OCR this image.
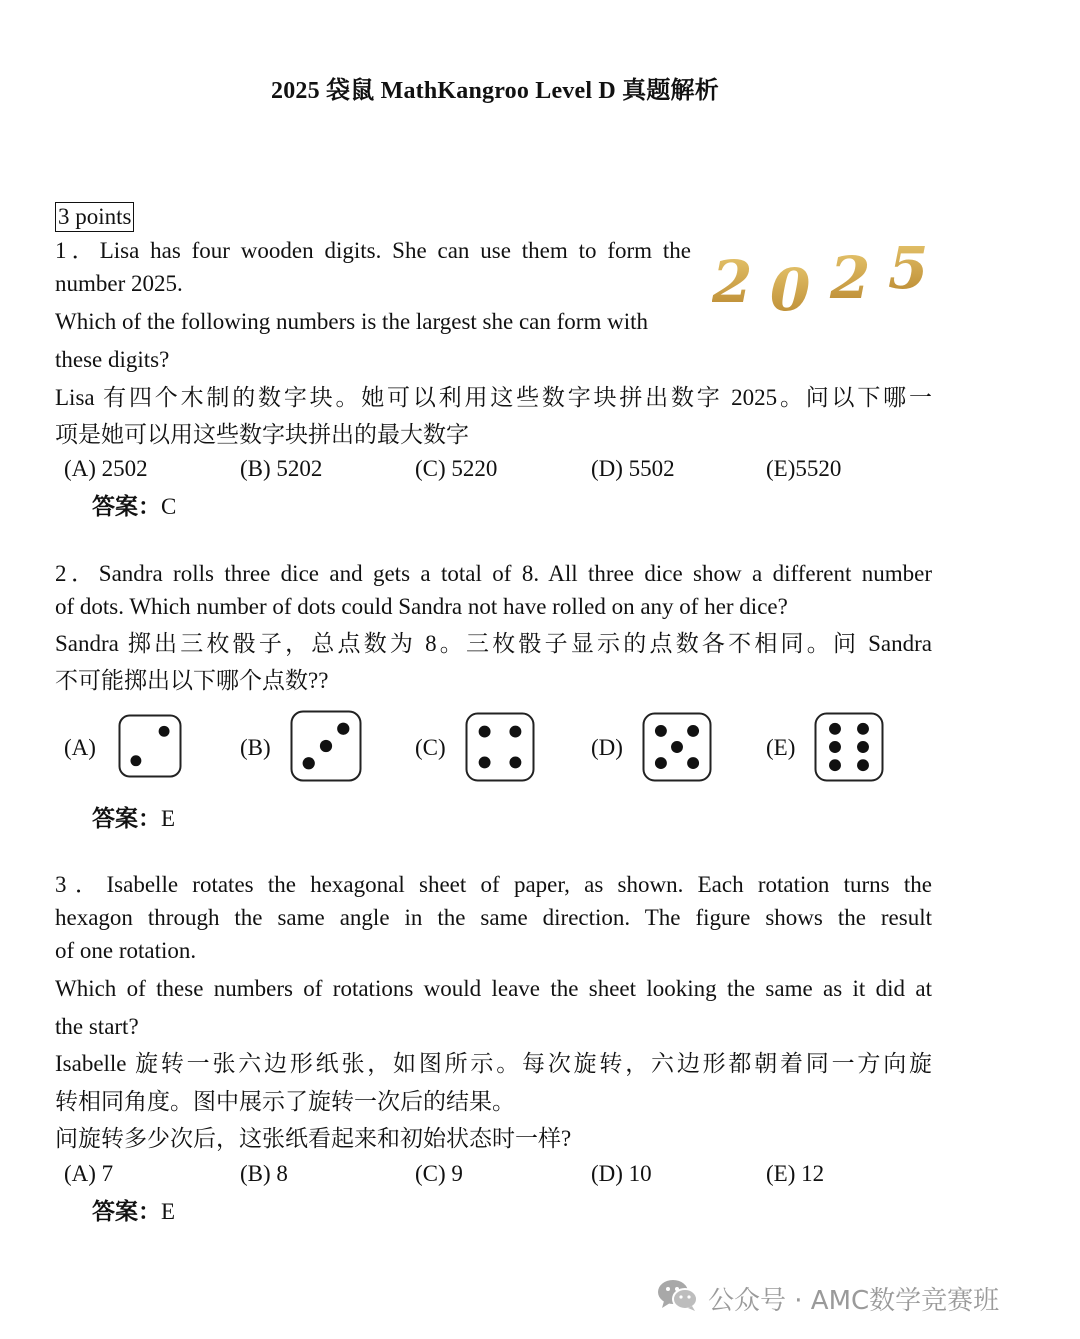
2025 袋鼠 MathKangroo Level D 真题解析
3 points
2 0 2 5
1．Lisa has four wooden digits. She can use them to form the
number 2025.
Which of the following numbers is the largest she can form with
these digits?
Lisa 有四个木制的数字块。她可以利用这些数字块拼出数字 2025。问以下哪一
项是她可以用这些数字块拼出的最大数字
(A) 2502	(B) 5202	(C) 5220	(D) 5502	(E)5520
答案：C
2．Sandra rolls three dice and gets a total of 8. All three dice show a different number
of dots. Which number of dots could Sandra not have rolled on any of her dice?
Sandra 掷出三枚骰子，总点数为 8。三枚骰子显示的点数各不相同。问 Sandra
不可能掷出以下哪个点数??
(A)	(B)	(C)	(D)	(E)
答案：E
3．Isabelle rotates the hexagonal sheet of paper, as shown. Each rotation turns the
hexagon through the same angle in the same direction. The figure shows the result
of one rotation.
Which of these numbers of rotations would leave the sheet looking the same as it did at
the start?
Isabelle 旋转一张六边形纸张，如图所示。每次旋转，六边形都朝着同一方向旋
转相同角度。图中展示了旋转一次后的结果。
问旋转多少次后，这张纸看起来和初始状态时一样?
(A) 7	(B) 8	(C) 9	(D) 10	(E) 12
答案：E
公众号 · AMC数学竞赛班
